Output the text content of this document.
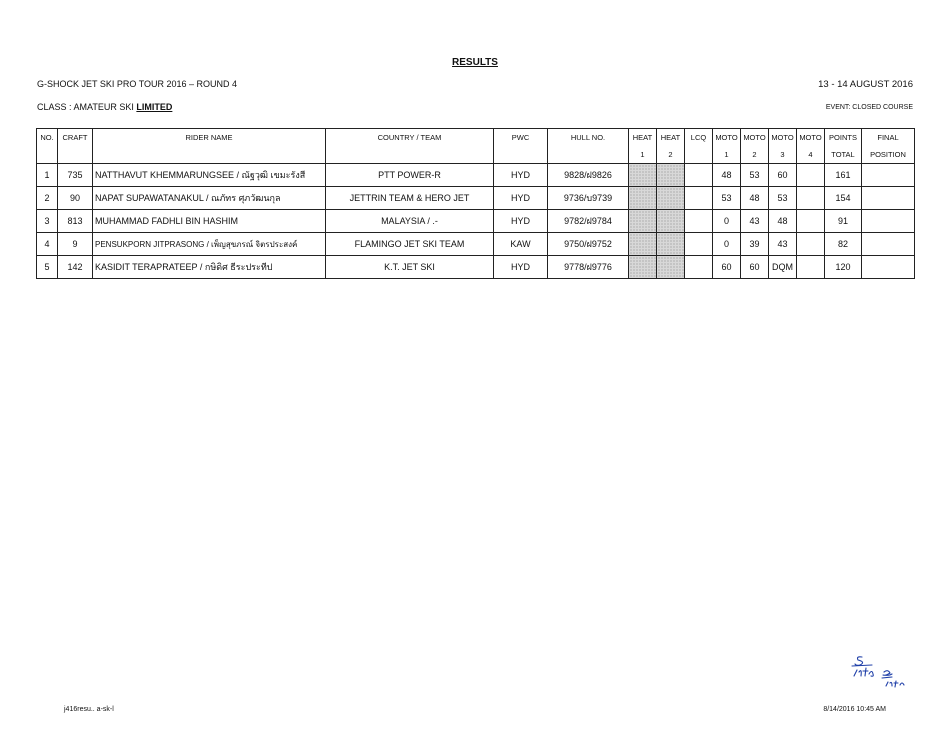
RESULTS
G-SHOCK JET SKI PRO TOUR 2016 – ROUND 4	13 - 14 AUGUST 2016
CLASS : AMATEUR SKI LIMITED	EVENT: CLOSED COURSE
NO.	CRAFT	RIDER NAME	COUNTRY / TEAM	PWC	HULL NO.	HEAT	HEAT	LCQ	MOTO	MOTO	MOTO	MOTO	POINTS	FINAL
						1	2		1	2	3	4	TOTAL	POSITION
1	735	NATTHAVUT KHEMMARUNGSEE / ณัฐวุฒิ เขมะรังสี	PTT POWER-R	HYD	9828/ฝ9826				48	53	60		161	
2	90	NAPAT SUPAWATANAKUL / ณภัทร ศุภวัฒนกุล	JETTRIN TEAM & HERO JET	HYD	9736/บ9739				53	48	53		154	
3	813	MUHAMMAD FADHLI BIN HASHIM	MALAYSIA / .-	HYD	9782/ฝ9784				0	43	48		91	
4	9	PENSUKPORN JITPRASONG / เพ็ญสุขภรณ์ จิตรประสงค์	FLAMINGO JET SKI TEAM	KAW	9750/ฝ9752				0	39	43		82	
5	142	KASIDIT TERAPRATEEP / กษิดิศ ธีระประทีป	K.T. JET SKI	HYD	9778/ฝ9776				60	60	DQM		120	
j416resu.. a-sk-l	8/14/2016 10:45 AM
